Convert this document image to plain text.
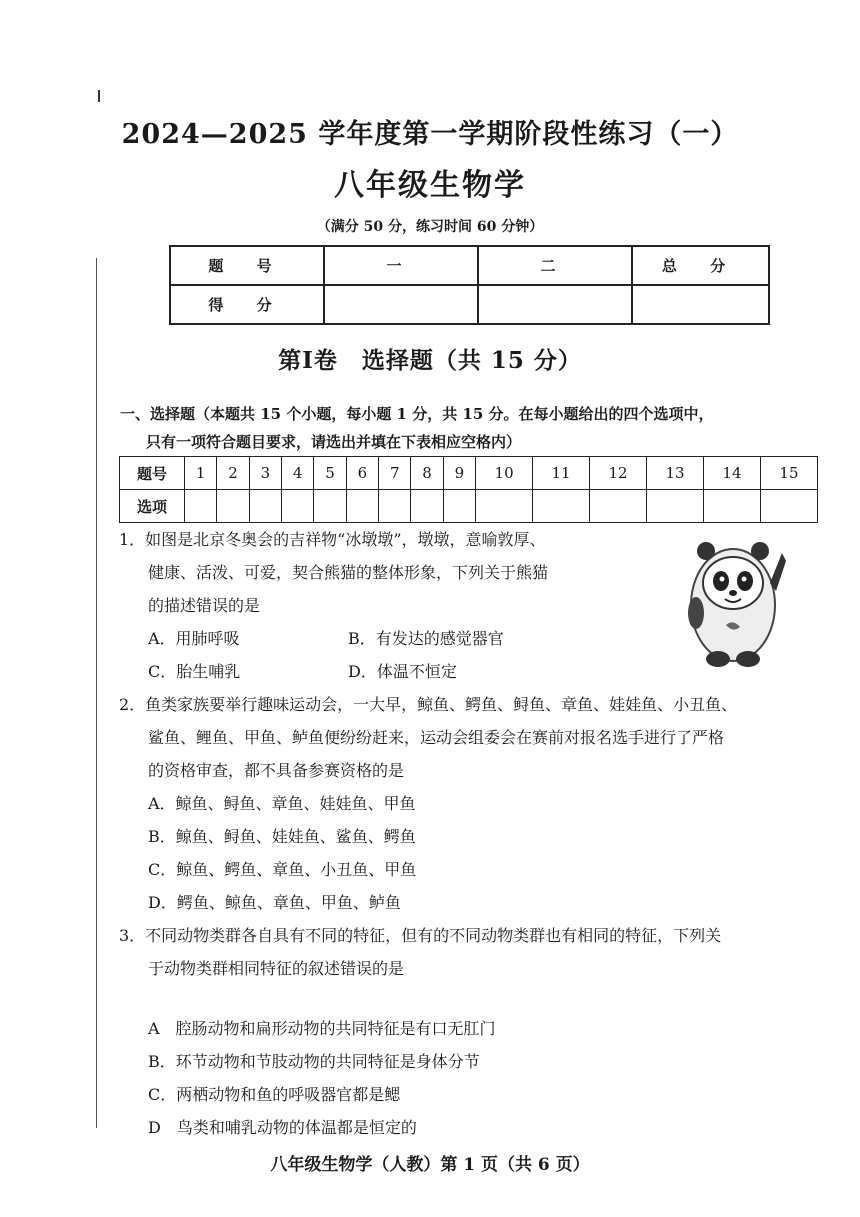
2024—2025 学年度第一学期阶段性练习（一）
八年级生物学
（满分 50 分，练习时间 60 分钟）
题 号	一	二	总 分
得 分			
第Ⅰ卷　选择题（共 15 分）
一、选择题（本题共 15 个小题，每小题 1 分，共 15 分。在每小题给出的四个选项中，
只有一项符合题目要求，请选出并填在下表相应空格内）
题号	1	2	3	4	5	6	7	8	9	10	11	12	13	14	15
选项															
1．如图是北京冬奥会的吉祥物“冰墩墩”，墩墩，意喻敦厚、
健康、活泼、可爱，契合熊猫的整体形象，下列关于熊猫
的描述错误的是
A．用肺呼吸	B．有发达的感觉器官
C．胎生哺乳	D．体温不恒定
2．鱼类家族要举行趣味运动会，一大早，鲸鱼、鳄鱼、鲟鱼、章鱼、娃娃鱼、小丑鱼、
鲨鱼、鲤鱼、甲鱼、鲈鱼便纷纷赶来，运动会组委会在赛前对报名选手进行了严格
的资格审查，都不具备参赛资格的是
A．鲸鱼、鲟鱼、章鱼、娃娃鱼、甲鱼
B．鲸鱼、鲟鱼、娃娃鱼、鲨鱼、鳄鱼
C．鲸鱼、鳄鱼、章鱼、小丑鱼、甲鱼
D．鳄鱼、鲸鱼、章鱼、甲鱼、鲈鱼
3．不同动物类群各自具有不同的特征，但有的不同动物类群也有相同的特征，下列关
于动物类群相同特征的叙述错误的是
A　腔肠动物和扁形动物的共同特征是有口无肛门
B．环节动物和节肢动物的共同特征是身体分节
C．两栖动物和鱼的呼吸器官都是鳃
D　鸟类和哺乳动物的体温都是恒定的
八年级生物学（人教）第 1 页（共 6 页）
